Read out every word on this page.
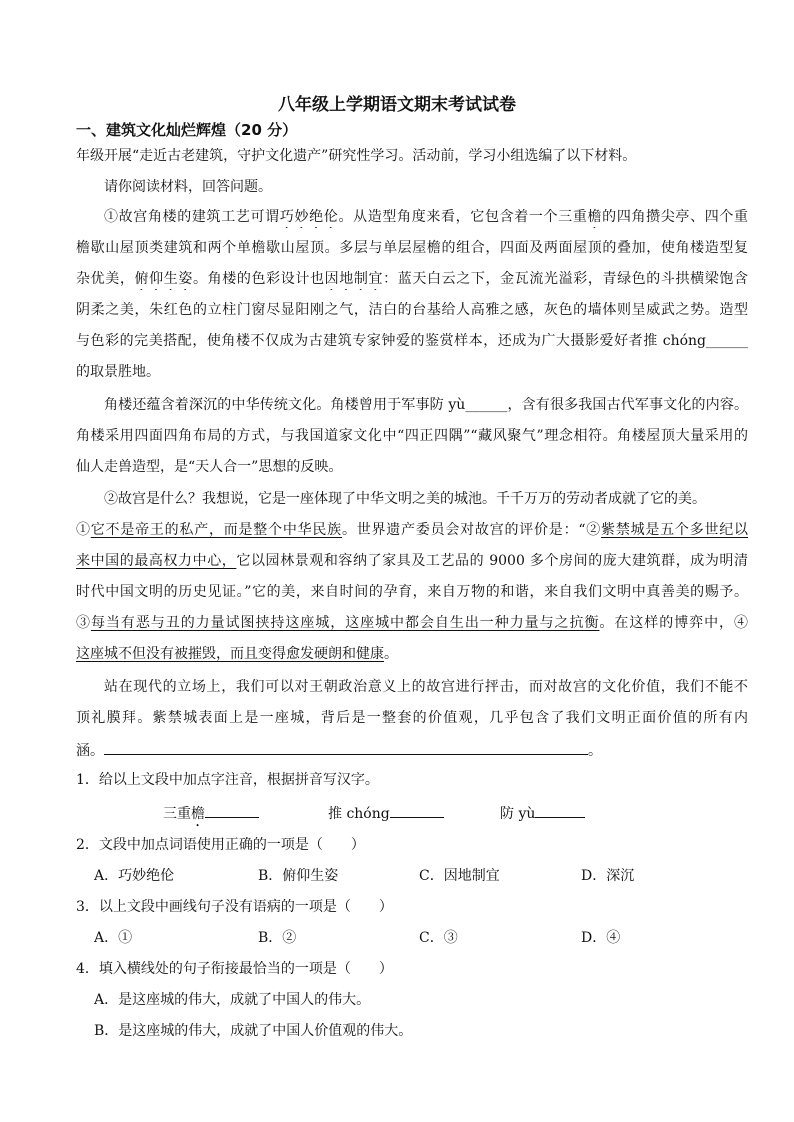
八年级上学期语文期末考试试卷
一、建筑文化灿烂辉煌（20 分）
年级开展“走近古老建筑，守护文化遗产”研究性学习。活动前，学习小组选编了以下材料。
请你阅读材料，回答问题。
①故宫角楼的建筑工艺可谓巧妙绝伦。从造型角度来看，它包含着一个三重檐的四角攒尖亭、四个重
檐歇山屋顶类建筑和两个单檐歇山屋顶。多层与单层屋檐的组合，四面及两面屋顶的叠加，使角楼造型复
杂优美，俯仰生姿。角楼的色彩设计也因地制宜：蓝天白云之下，金瓦流光溢彩，青绿色的斗拱横梁饱含
阴柔之美，朱红色的立柱门窗尽显阳刚之气，洁白的台基给人高雅之感，灰色的墙体则呈威武之势。造型
与色彩的完美搭配，使角楼不仅成为古建筑专家钟爱的鉴赏样本，还成为广大摄影爱好者推 chóng______
的取景胜地。
角楼还蕴含着深沉的中华传统文化。角楼曾用于军事防 yù______，含有很多我国古代军事文化的内容。
角楼采用四面四角布局的方式，与我国道家文化中“四正四隅”“藏风聚气”理念相符。角楼屋顶大量采用的
仙人走兽造型，是“天人合一”思想的反映。
②故宫是什么？我想说，它是一座体现了中华文明之美的城池。千千万万的劳动者成就了它的美。
①它不是帝王的私产，而是整个中华民族。世界遗产委员会对故宫的评价是：“②紫禁城是五个多世纪以
来中国的最高权力中心，它以园林景观和容纳了家具及工艺品的 9000 多个房间的庞大建筑群，成为明清
时代中国文明的历史见证。”它的美，来自时间的孕育，来自万物的和谐，来自我们文明中真善美的赐予。
③每当有恶与丑的力量试图挟持这座城，这座城中都会自生出一种力量与之抗衡。在这样的博弈中，④
这座城不但没有被摧毁，而且变得愈发硬朗和健康。
站在现代的立场上，我们可以对王朝政治意义上的故宫进行抨击，而对故宫的文化价值，我们不能不
顶礼膜拜。紫禁城表面上是一座城，背后是一整套的价值观，几乎包含了我们文明正面价值的所有内
涵。	。
1．给以上文段中加点字注音，根据拼音写汉字。
三重檐	推 chóng	防 yù
2．文段中加点词语使用正确的一项是（　　）
A．巧妙绝伦	B．俯仰生姿	C．因地制宜	D．深沉
3．以上文段中画线句子没有语病的一项是（　　）
A．①	B．②	C．③	D．④
4．填入横线处的句子衔接最恰当的一项是（　　）
A．是这座城的伟大，成就了中国人的伟大。
B．是这座城的伟大，成就了中国人价值观的伟大。
